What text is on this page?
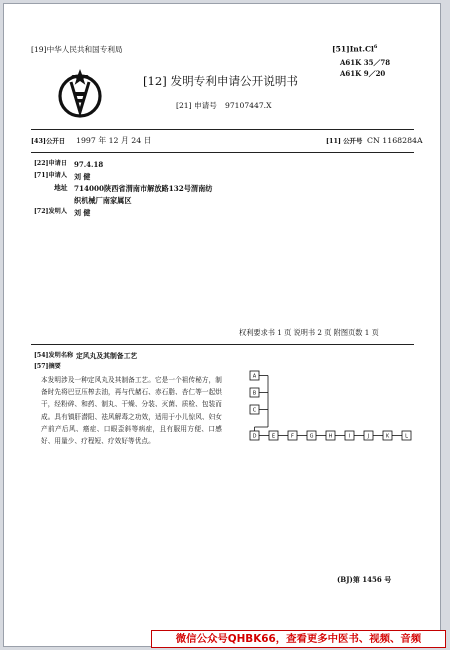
[19]中华人民共和国专利局	[51]Int.Cl$^6$
A61K 35／78
A61K 9／20
[12] 发明专利申请公开说明书
[21] 申请号 97107447.X
[43]公开日 1997 年 12 月 24 日	[11] 公开号 CN 1168284A
[22]申请日 97.4.18
[71]申请人 刘 健
地址 714000陕西省渭南市解放路132号渭南纺
织机械厂南家属区
[72]发明人 刘 健
权利要求书 1 页 说明书 2 页 附图页数 1 页
[54]发明名称 定风丸及其制备工艺
[57]摘要
本发明涉及一种定风丸及其制备工艺。它是一个祖传秘方，制备时先将巴豆压榨去油，再与代赭石、赤石脂、杏仁等一起烘干，经粉碎、和药、制丸、干燥、分装、灭菌、质检、包装而成。具有镇肝潜阳、祛风解毒之功效，适用于小儿惊风、妇女产前产后风、癌症、口眼歪斜等病症，且有服用方便、口感好、用量少、疗程短、疗效好等优点。
A
B
C
D	E	F	G	H	I	J	K	L
(BJ)第 1456 号
微信公众号QHBK66，查看更多中医书、视频、音频
